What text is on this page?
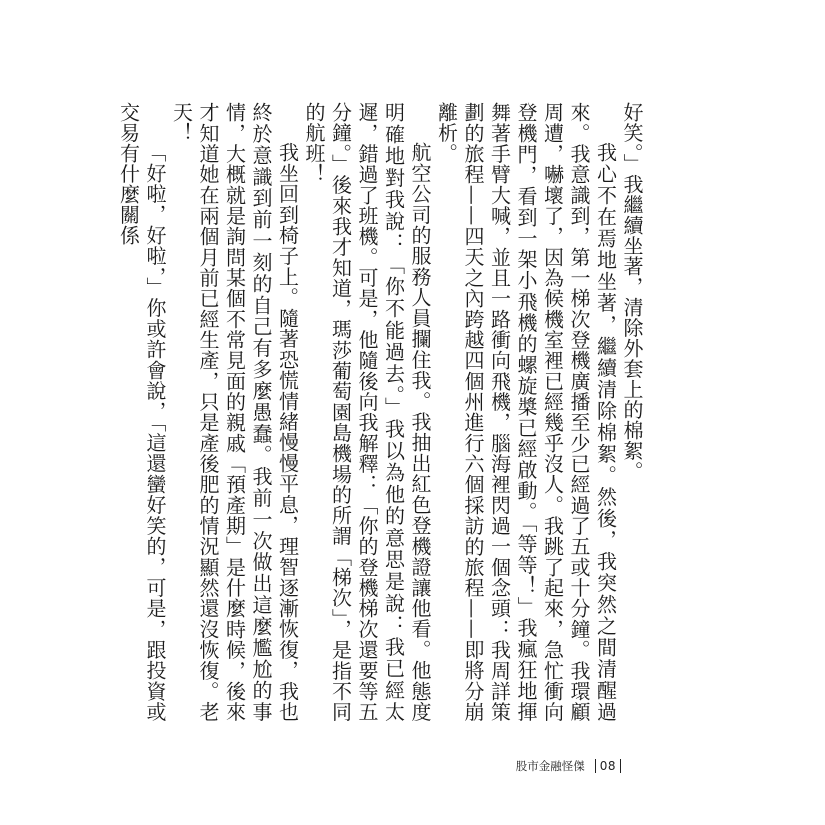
好笑。」我繼續坐著，清除外套上的棉絮。

我心不在焉地坐著，繼續清除棉絮。然後，我突然之間清醒過來。我意識到，第一梯次登機廣播至少已經過了五或十分鐘。我環顧周遭，嚇壞了，因為候機室裡已經幾乎沒人。我跳了起來，急忙衝向登機門，看到一架小飛機的螺旋槳已經啟動。「等等！」我瘋狂地揮舞著手臂大喊，並且一路衝向飛機，腦海裡閃過一個念頭：我周詳策劃的旅程——四天之內跨越四個州進行六個採訪的旅程——即將分崩離析。

航空公司的服務人員攔住我。我抽出紅色登機證讓他看。他態度明確地對我說：「你不能過去。」我以為他的意思是說：我已經太遲，錯過了班機。可是，他隨後向我解釋：「你的登機梯次還要等五分鐘。」後來我才知道，瑪莎葡萄園島機場的所謂「梯次」，是指不同的航班！

我坐回到椅子上。隨著恐慌情緒慢慢平息，理智逐漸恢復，我也終於意識到前一刻的自己有多麼愚蠢。我前一次做出這麼尷尬的事情，大概就是詢問某個不常見面的親戚「預產期」是什麼時候，後來才知道她在兩個月前已經生產，只是產後肥的情況顯然還沒恢復。老天！

「好啦，好啦，」你或許會說，「這還蠻好笑的，可是，跟投資或交易有什麼關係

股市金融怪傑 08
